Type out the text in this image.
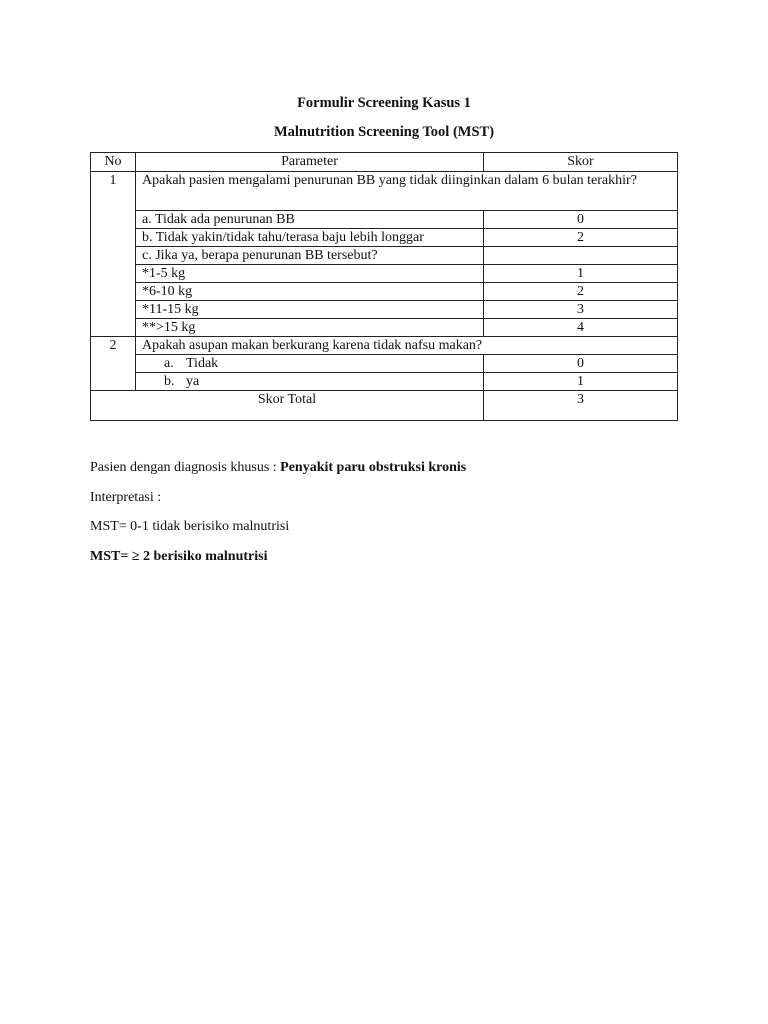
Formulir Screening Kasus 1
Malnutrition Screening Tool (MST)
No	Parameter	Skor
1	Apakah pasien mengalami penurunan BB yang tidak diinginkan dalam 6 bulan terakhir?	
	a. Tidak ada penurunan BB	0
	b. Tidak yakin/tidak tahu/terasa baju lebih longgar	2
	c. Jika ya, berapa penurunan BB tersebut?	
	*1-5 kg	1
	*6-10 kg	2
	*11-15 kg	3
	**>15 kg	4
2	Apakah asupan makan berkurang karena tidak nafsu makan?	
	a. Tidak	0
	b. ya	1
Skor Total		3
Pasien dengan diagnosis khusus : Penyakit paru obstruksi kronis
Interpretasi :
MST= 0-1 tidak berisiko malnutrisi
MST= ≥ 2 berisiko malnutrisi
